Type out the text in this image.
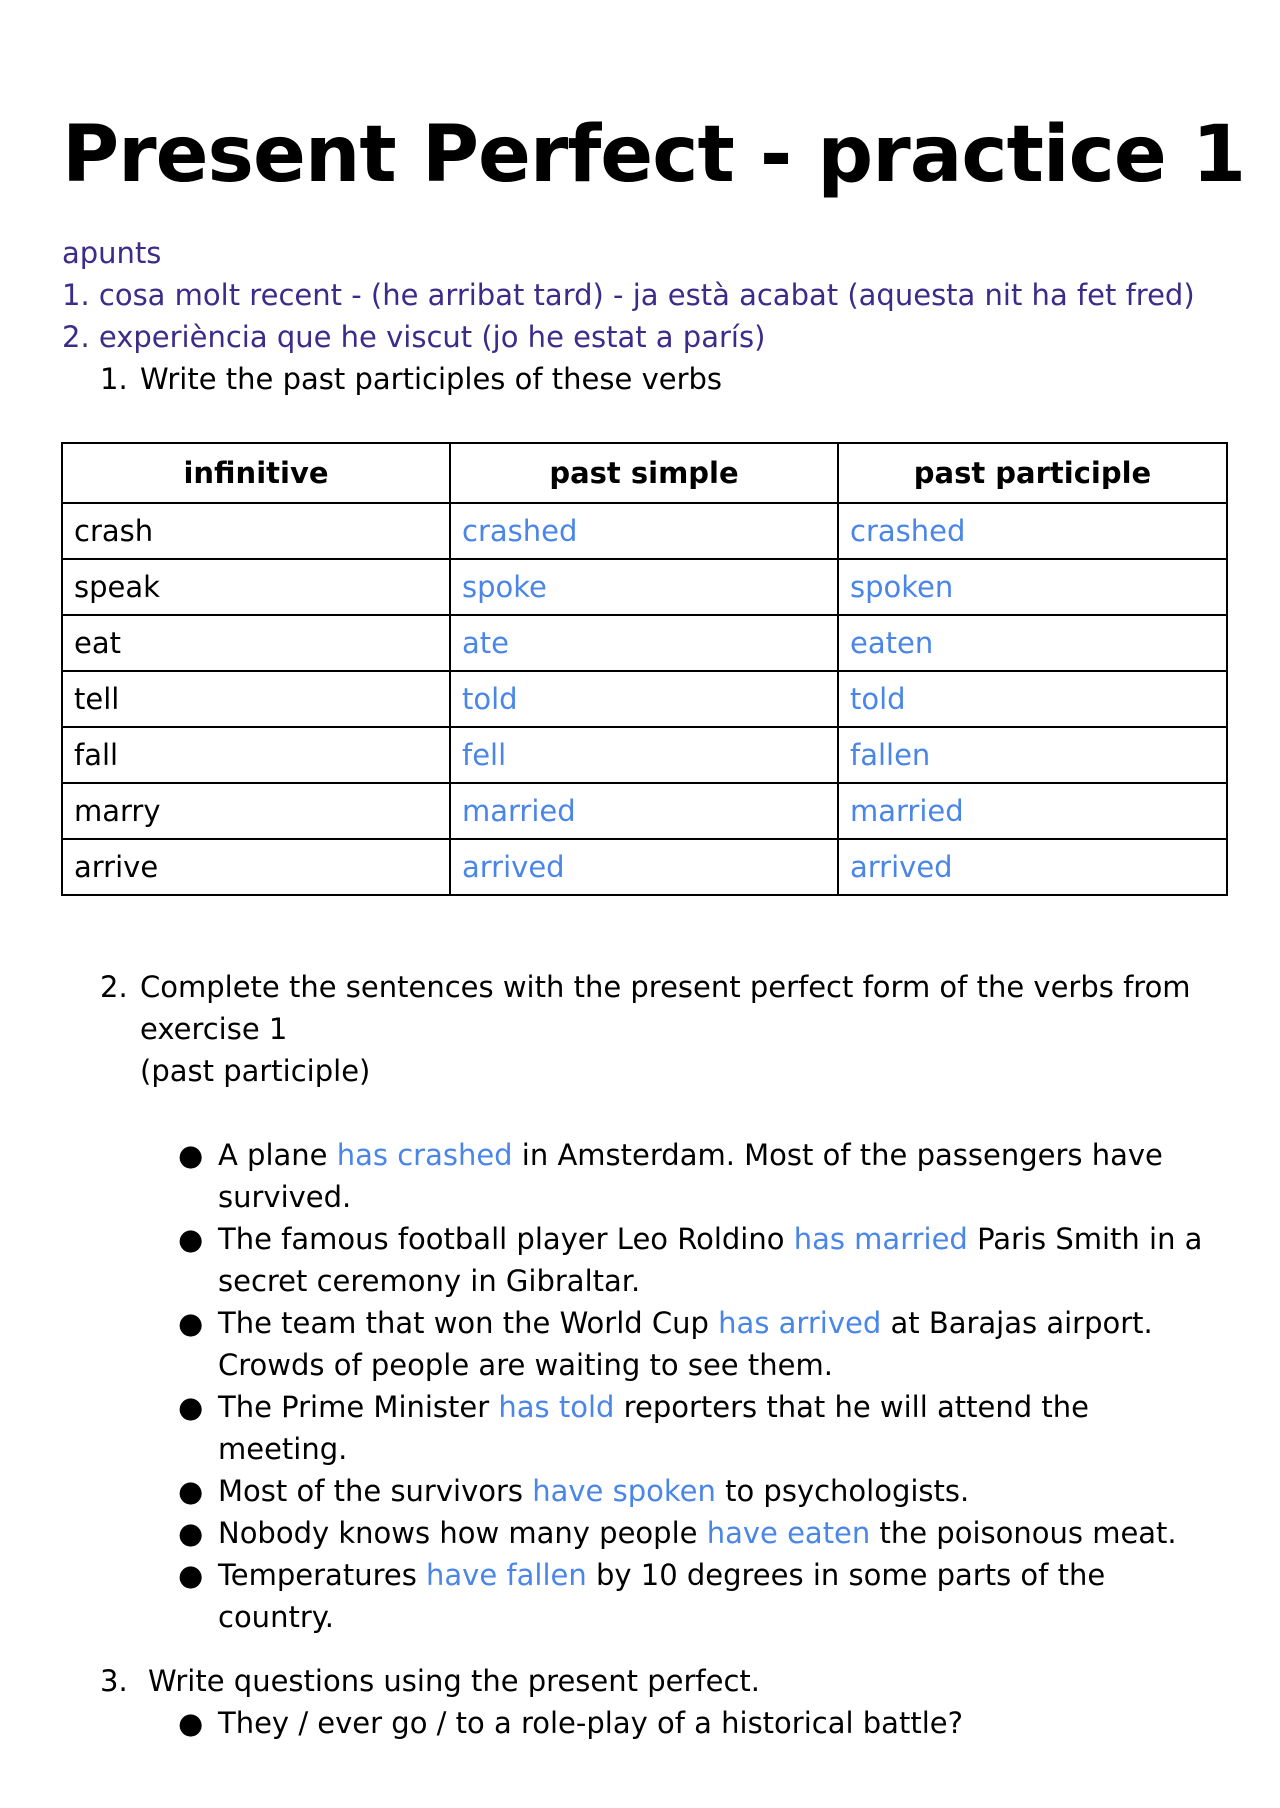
Present Perfect - practice 1
apunts
1. cosa molt recent - (he arribat tard) - ja està acabat (aquesta nit ha fet fred)
2. experiència que he viscut (jo he estat a parís)
1. Write the past participles of these verbs
infinitive	past simple	past participle
crash	crashed	crashed
speak	spoke	spoken
eat	ate	eaten
tell	told	told
fall	fell	fallen
marry	married	married
arrive	arrived	arrived
2. Complete the sentences with the present perfect form of the verbs from
exercise 1
(past participle)
● A plane has crashed in Amsterdam. Most of the passengers have survived.
● The famous football player Leo Roldino has married Paris Smith in a secret ceremony in Gibraltar.
● The team that won the World Cup has arrived at Barajas airport. Crowds of people are waiting to see them.
● The Prime Minister has told reporters that he will attend the meeting.
● Most of the survivors have spoken to psychologists.
● Nobody knows how many people have eaten the poisonous meat.
● Temperatures have fallen by 10 degrees in some parts of the country.
3. Write questions using the present perfect.
● They / ever go / to a role-play of a historical battle?
